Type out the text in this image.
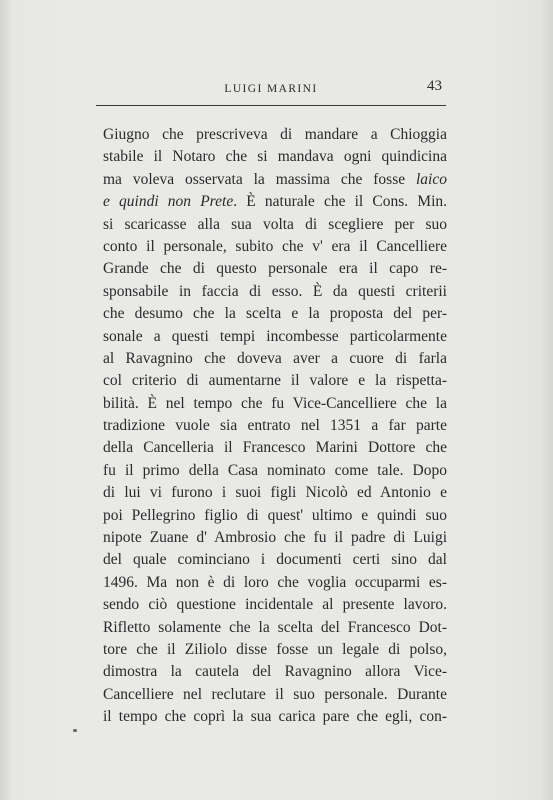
LUIGI MARINI	43
Giugno che prescriveva di mandare a Chioggia
stabile il Notaro che si mandava ogni quindicina
ma voleva osservata la massima che fosse laico
e quindi non Prete. È naturale che il Cons. Min.
si scaricasse alla sua volta di scegliere per suo
conto il personale, subito che v' era il Cancelliere
Grande che di questo personale era il capo re-
sponsabile in faccia di esso. È da questi criterii
che desumo che la scelta e la proposta del per-
sonale a questi tempi incombesse particolarmente
al Ravagnino che doveva aver a cuore di farla
col criterio di aumentarne il valore e la rispetta-
bilità. È nel tempo che fu Vice-Cancelliere che la
tradizione vuole sia entrato nel 1351 a far parte
della Cancelleria il Francesco Marini Dottore che
fu il primo della Casa nominato come tale. Dopo
di lui vi furono i suoi figli Nicolò ed Antonio e
poi Pellegrino figlio di quest' ultimo e quindi suo
nipote Zuane d' Ambrosio che fu il padre di Luigi
del quale cominciano i documenti certi sino dal
1496. Ma non è di loro che voglia occuparmi es-
sendo ciò questione incidentale al presente lavoro.
Rifletto solamente che la scelta del Francesco Dot-
tore che il Ziliolo disse fosse un legale di polso,
dimostra la cautela del Ravagnino allora Vice-
Cancelliere nel reclutare il suo personale. Durante
il tempo che coprì la sua carica pare che egli, con-
